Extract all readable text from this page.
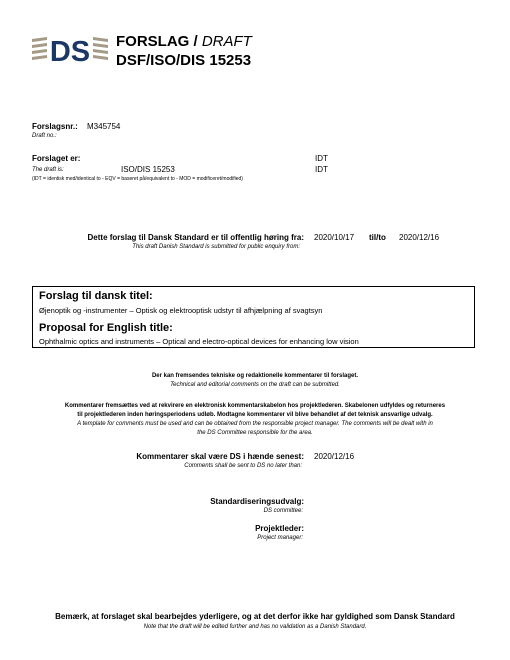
DS FORSLAG / DRAFT
DSF/ISO/DIS 15253
Forslagsnr.: M345754
Draft no.:
Forslaget er:	IDT
The draft is:	ISO/DIS 15253	IDT
(IDT = identisk med/identical to - EQV = baseret på/equivalent to - MOD = modificeret/modified)
Dette forslag til Dansk Standard er til offentlig høring fra:
This draft Danish Standard is submitted for public enquiry from:
2020/10/17 til/to 2020/12/16
Forslag til dansk titel:
Øjenoptik og -instrumenter – Optisk og elektrooptisk udstyr til afhjælpning af svagtsyn
Proposal for English title:
Ophthalmic optics and instruments – Optical and electro-optical devices for enhancing low vision
Der kan fremsendes tekniske og redaktionelle kommentarer til forslaget.
Technical and editorial comments on the draft can be submitted.
Kommentarer fremsættes ved at rekvirere en elektronisk kommentarskabelon hos projektlederen. Skabelonen udfyldes og returneres
til projektlederen inden høringsperiodens udløb. Modtagne kommentarer vil blive behandlet af det teknisk ansvarlige udvalg.
A template for comments must be used and can be obtained from the responsible project manager. The comments will be dealt with in
the DS Committee responsible for the area.
Kommentarer skal være DS i hænde senest:
Comments shall be sent to DS no later than:
2020/12/16
Standardiseringsudvalg:
DS committee:
Projektleder:
Project manager:
Bemærk, at forslaget skal bearbejdes yderligere, og at det derfor ikke har gyldighed som Dansk Standard
Note that the draft will be edited further and has no validation as a Danish Standard.
